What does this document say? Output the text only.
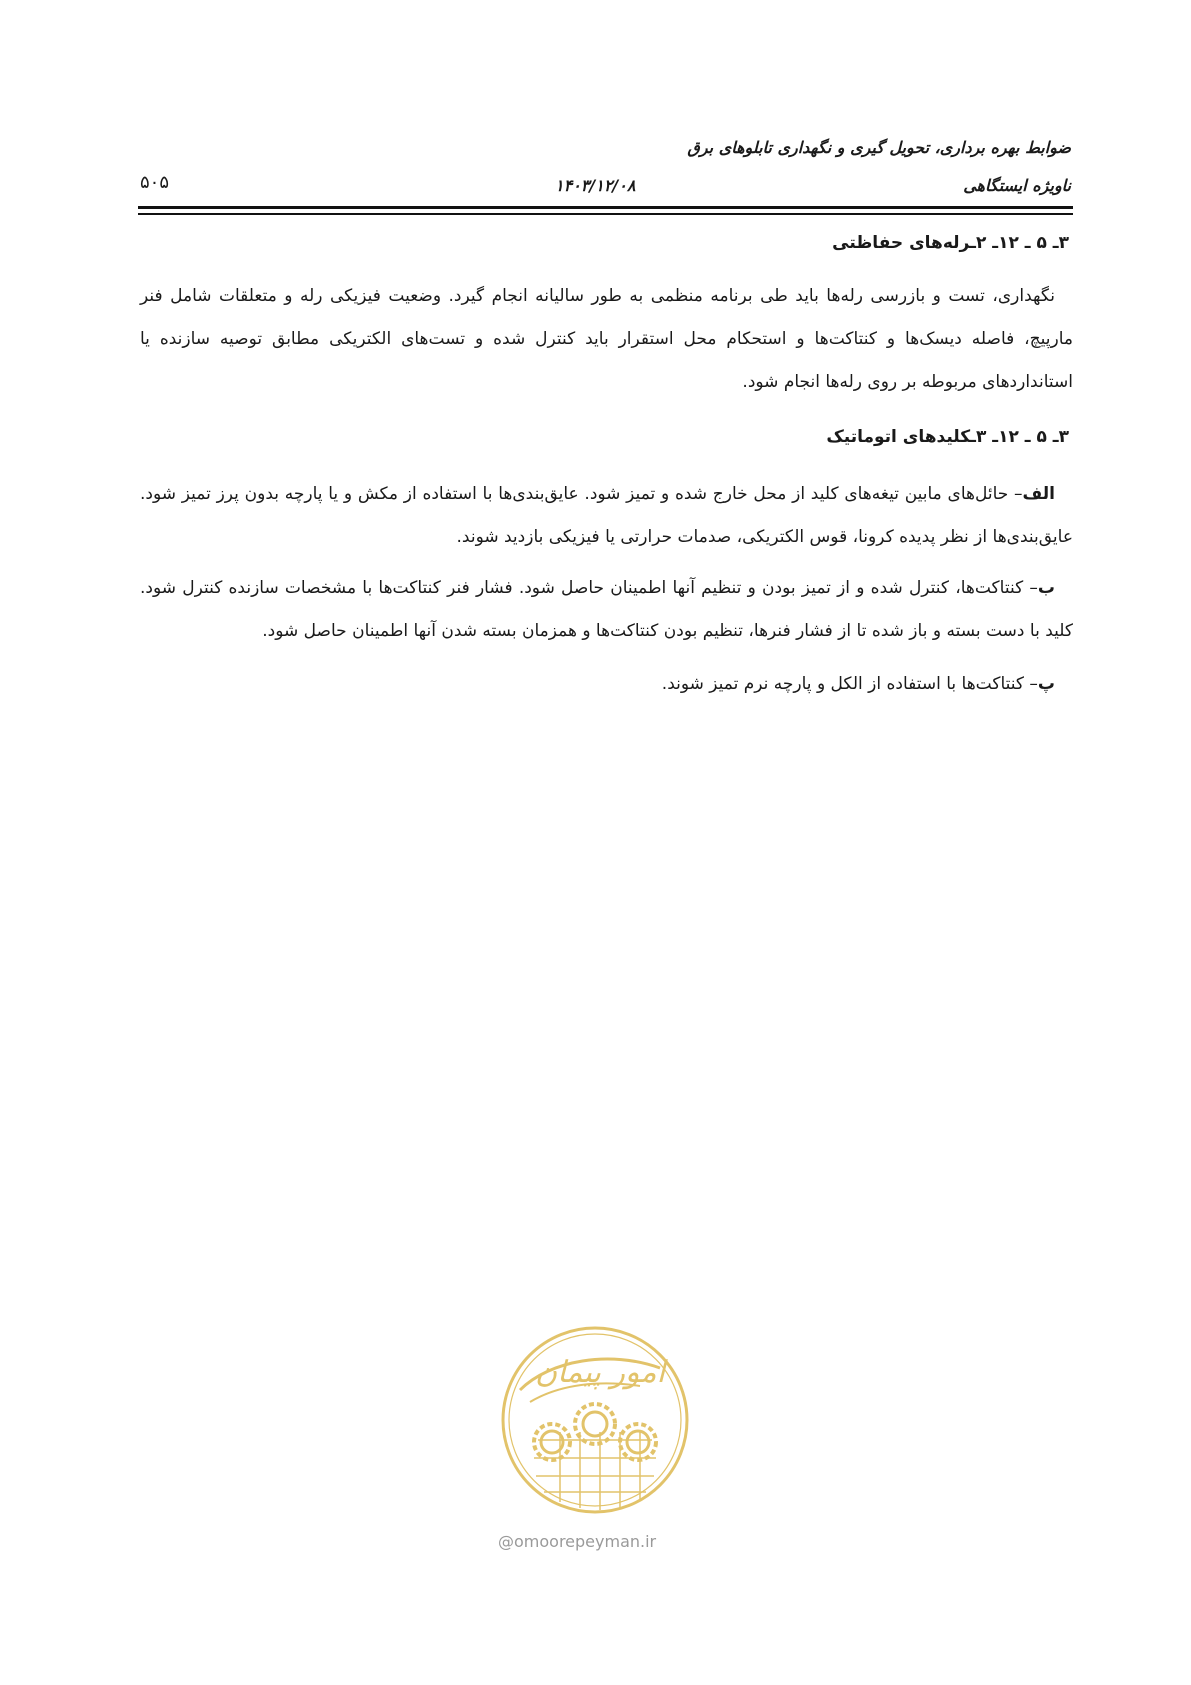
ضوابط بهره برداری، تحویل گیری و نگهداری تابلوهای برق
ناویژه ایستگاهی
۱۴۰۳/۱۲/۰۸
۵۰۵
۳ـ ۵ ـ ۱۲ـ ۲ـرله‌های حفاظتی

نگهداری، تست و بازرسی رله‌ها باید طی برنامه منظمی به طور سالیانه انجام گیرد. وضعیت فیزیکی رله و متعلقات شامل فنر مارپیچ، فاصله دیسک‌ها و کنتاکت‌ها و استحکام محل استقرار باید کنترل شده و تست‌های الکتریکی مطابق توصیه سازنده یا استانداردهای مربوطه بر روی رله‌ها انجام شود.

۳ـ ۵ ـ ۱۲ـ ۳ـکلیدهای اتوماتیک

الف– حائل‌های مابین تیغه‌های کلید از محل خارج شده و تمیز شود. عایق‌بندی‌ها با استفاده از مکش و یا پارچه بدون پرز تمیز شود. عایق‌بندی‌ها از نظر پدیده کرونا، قوس الکتریکی، صدمات حرارتی یا فیزیکی بازدید شوند.

ب– کنتاکت‌ها، کنترل شده و از تمیز بودن و تنظیم آنها اطمینان حاصل شود. فشار فنر کنتاکت‌ها با مشخصات سازنده کنترل شود. کلید با دست بسته و باز شده تا از فشار فنرها، تنظیم بودن کنتاکت‌ها و همزمان بسته شدن آنها اطمینان حاصل شود.

پ– کنتاکت‌ها با استفاده از الکل و پارچه نرم تمیز شوند.

امور پیمان
@omoorepeyman.ir
